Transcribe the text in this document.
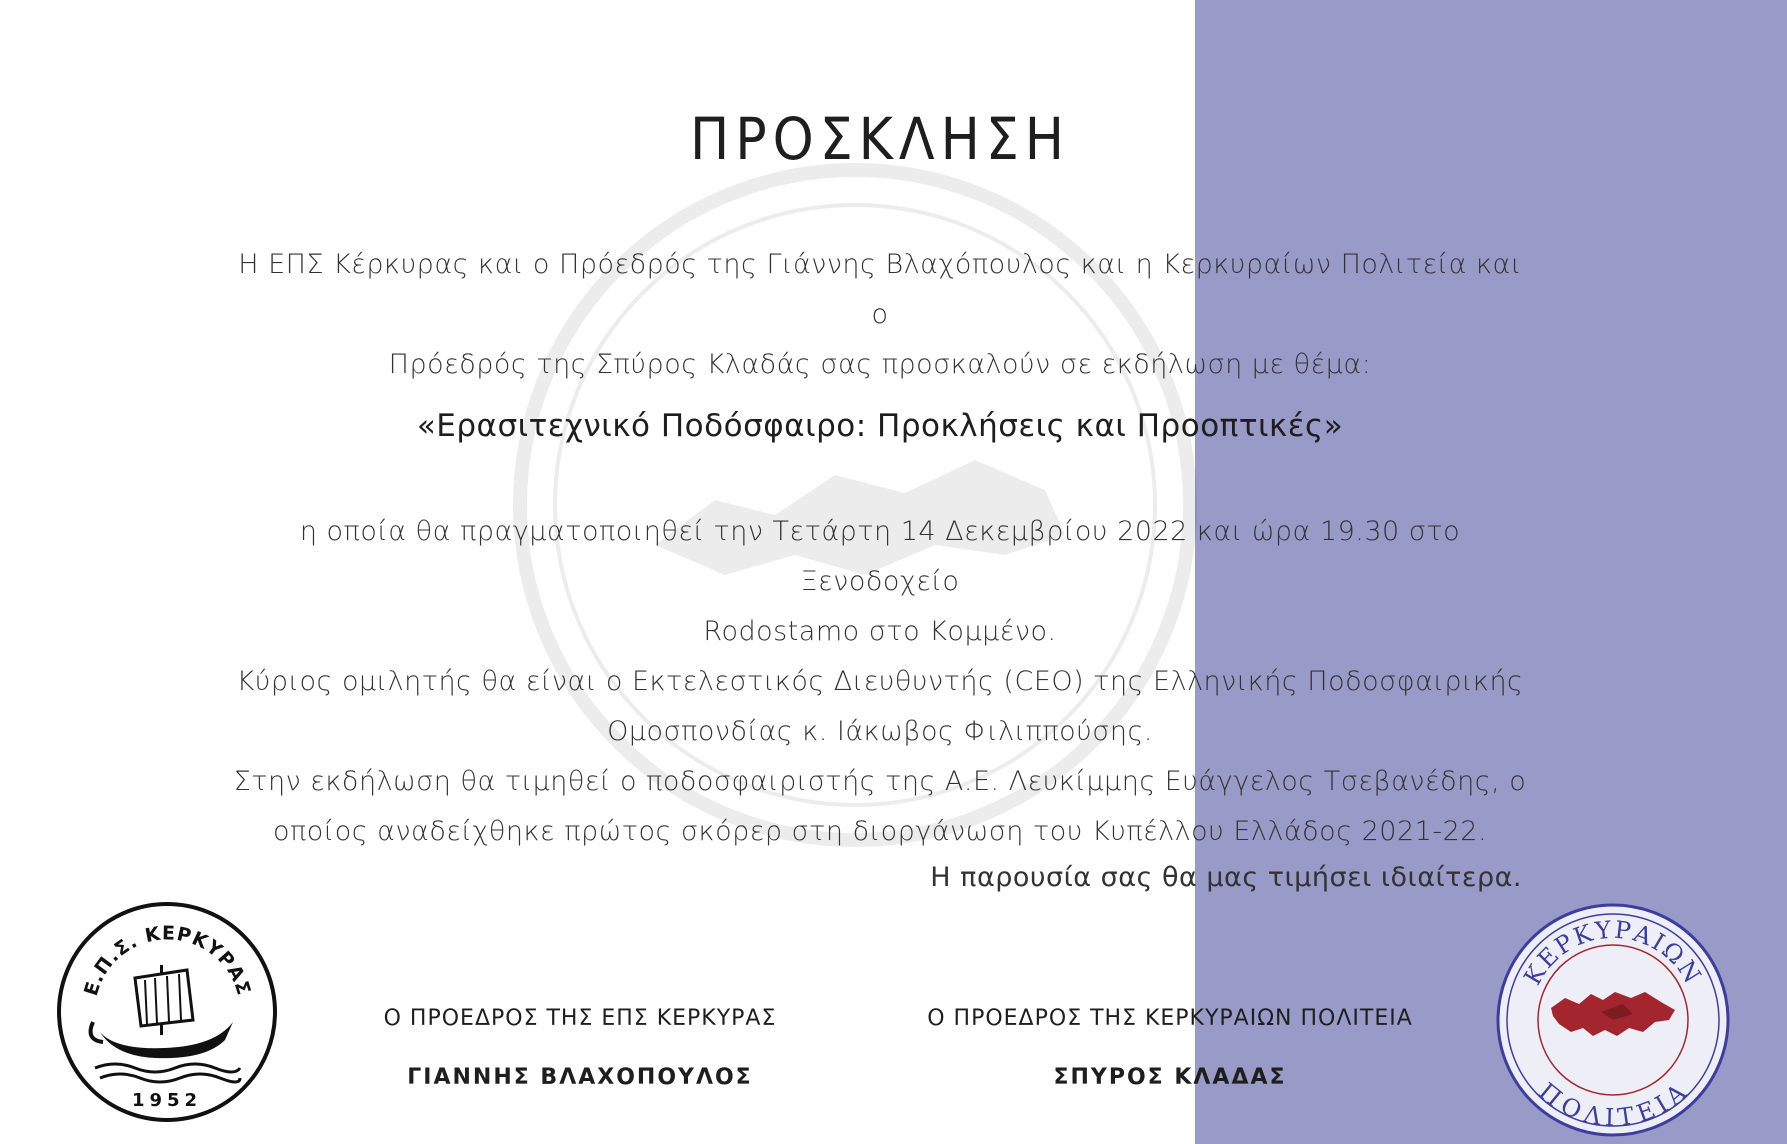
ΠΡΟΣΚΛΗΣΗ
Η ΕΠΣ Κέρκυρας και ο Πρόεδρός της Γιάννης Βλαχόπουλος και η Κερκυραίων Πολιτεία και ο
Πρόεδρός της Σπύρος Κλαδάς σας προσκαλούν σε εκδήλωση με θέμα:
«Ερασιτεχνικό Ποδόσφαιρο: Προκλήσεις και Προοπτικές»
η οποία θα πραγματοποιηθεί την Τετάρτη 14 Δεκεμβρίου 2022 και ώρα 19.30 στο Ξενοδοχείο
Rodostamo στο Κομμένο.
Κύριος ομιλητής θα είναι ο Εκτελεστικός Διευθυντής (CEO) της Ελληνικής Ποδοσφαιρικής
Ομοσπονδίας κ. Ιάκωβος Φιλιππούσης.
Στην εκδήλωση θα τιμηθεί ο ποδοσφαιριστής της Α.Ε. Λευκίμμης Ευάγγελος Τσεβανέδης, ο
οποίος αναδείχθηκε πρώτος σκόρερ στη διοργάνωση του Κυπέλλου Ελλάδος 2021-22.
Η παρουσία σας θα μας τιμήσει ιδιαίτερα.
Ε.Π.Σ. ΚΕΡΚΥΡΑΣ
1952
Ο ΠΡΟΕΔΡΟΣ ΤΗΣ ΕΠΣ ΚΕΡΚΥΡΑΣ
ΓΙΑΝΝΗΣ ΒΛΑΧΟΠΟΥΛΟΣ
Ο ΠΡΟΕΔΡΟΣ ΤΗΣ ΚΕΡΚΥΡΑΙΩΝ ΠΟΛΙΤΕΙΑ
ΣΠΥΡΟΣ ΚΛΑΔΑΣ
ΚΕΡΚΥΡΑΙΩΝ
ΠΟΛΙΤΕΙΑ
